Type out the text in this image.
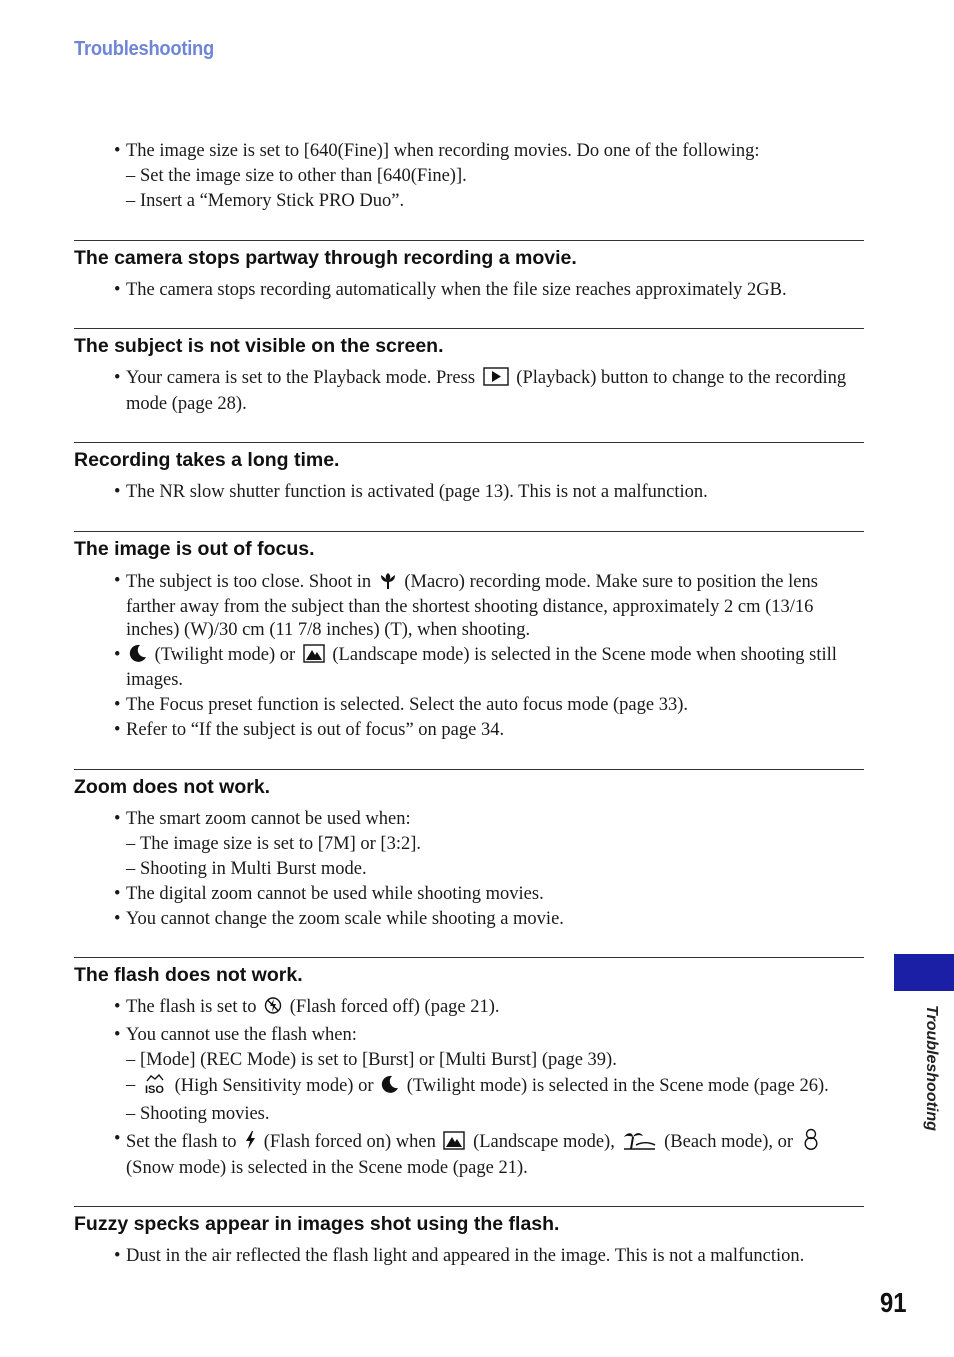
Troubleshooting
• The image size is set to [640(Fine)] when recording movies. Do one of the following:
– Set the image size to other than [640(Fine)].
– Insert a “Memory Stick PRO Duo”.
The camera stops partway through recording a movie.
• The camera stops recording automatically when the file size reaches approximately 2GB.
The subject is not visible on the screen.
• Your camera is set to the Playback mode. Press (Playback) button to change to the recording mode (page 28).
Recording takes a long time.
• The NR slow shutter function is activated (page 13). This is not a malfunction.
The image is out of focus.
• The subject is too close. Shoot in (Macro) recording mode. Make sure to position the lens farther away from the subject than the shortest shooting distance, approximately 2 cm (13/16 inches) (W)/30 cm (11 7/8 inches) (T), when shooting.
• (Twilight mode) or (Landscape mode) is selected in the Scene mode when shooting still images.
• The Focus preset function is selected. Select the auto focus mode (page 33).
• Refer to “If the subject is out of focus” on page 34.
Zoom does not work.
• The smart zoom cannot be used when:
– The image size is set to [7M] or [3:2].
– Shooting in Multi Burst mode.
• The digital zoom cannot be used while shooting movies.
• You cannot change the zoom scale while shooting a movie.
The flash does not work.
• The flash is set to (Flash forced off) (page 21).
• You cannot use the flash when:
– [Mode] (REC Mode) is set to [Burst] or [Multi Burst] (page 39).
– ISO (High Sensitivity mode) or (Twilight mode) is selected in the Scene mode (page 26).
– Shooting movies.
• Set the flash to (Flash forced on) when (Landscape mode),	(Beach mode), or  (Snow mode) is selected in the Scene mode (page 21).
Fuzzy specks appear in images shot using the flash.
• Dust in the air reflected the flash light and appeared in the image. This is not a malfunction.
Troubleshooting
91
